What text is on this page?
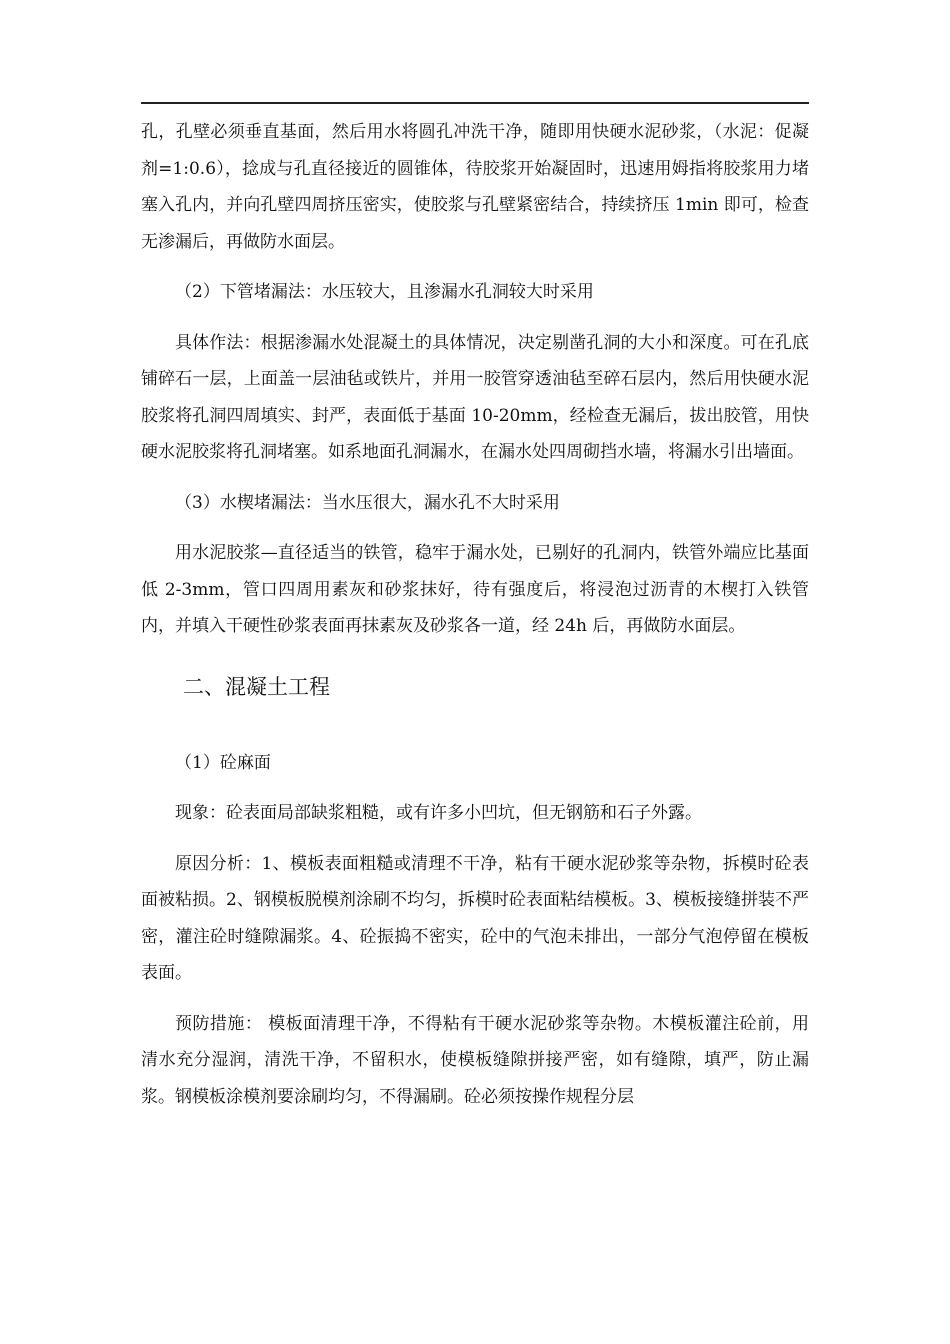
孔，孔壁必须垂直基面，然后用水将圆孔冲洗干净，随即用快硬水泥砂浆，（水泥：促凝剂=1:0.6），捻成与孔直径接近的圆锥体，待胶浆开始凝固时，迅速用姆指将胶浆用力堵塞入孔内，并向孔壁四周挤压密实，使胶浆与孔壁紧密结合，持续挤压 1min 即可，检查无渗漏后，再做防水面层。

（2）下管堵漏法：水压较大，且渗漏水孔洞较大时采用

具体作法：根据渗漏水处混凝土的具体情况，决定剔凿孔洞的大小和深度。可在孔底铺碎石一层，上面盖一层油毡或铁片，并用一胶管穿透油毡至碎石层内，然后用快硬水泥胶浆将孔洞四周填实、封严，表面低于基面 10-20mm，经检查无漏后，拔出胶管，用快硬水泥胶浆将孔洞堵塞。如系地面孔洞漏水，在漏水处四周砌挡水墙，将漏水引出墙面。

（3）水楔堵漏法：当水压很大，漏水孔不大时采用

用水泥胶浆—直径适当的铁管，稳牢于漏水处，已剔好的孔洞内，铁管外端应比基面低 2-3mm，管口四周用素灰和砂浆抹好，待有强度后，将浸泡过沥青的木楔打入铁管内，并填入干硬性砂浆表面再抹素灰及砂浆各一道，经 24h 后，再做防水面层。

二、混凝土工程

（1）砼麻面

现象：砼表面局部缺浆粗糙，或有许多小凹坑，但无钢筋和石子外露。

原因分析：1、模板表面粗糙或清理不干净，粘有干硬水泥砂浆等杂物，拆模时砼表面被粘损。2、钢模板脱模剂涂刷不均匀，拆模时砼表面粘结模板。3、模板接缝拼装不严密，灌注砼时缝隙漏浆。4、砼振捣不密实，砼中的气泡未排出，一部分气泡停留在模板表面。

预防措施： 模板面清理干净，不得粘有干硬水泥砂浆等杂物。木模板灌注砼前，用清水充分湿润，清洗干净，不留积水，使模板缝隙拼接严密，如有缝隙，填严，防止漏浆。钢模板涂模剂要涂刷均匀，不得漏刷。砼必须按操作规程分层
